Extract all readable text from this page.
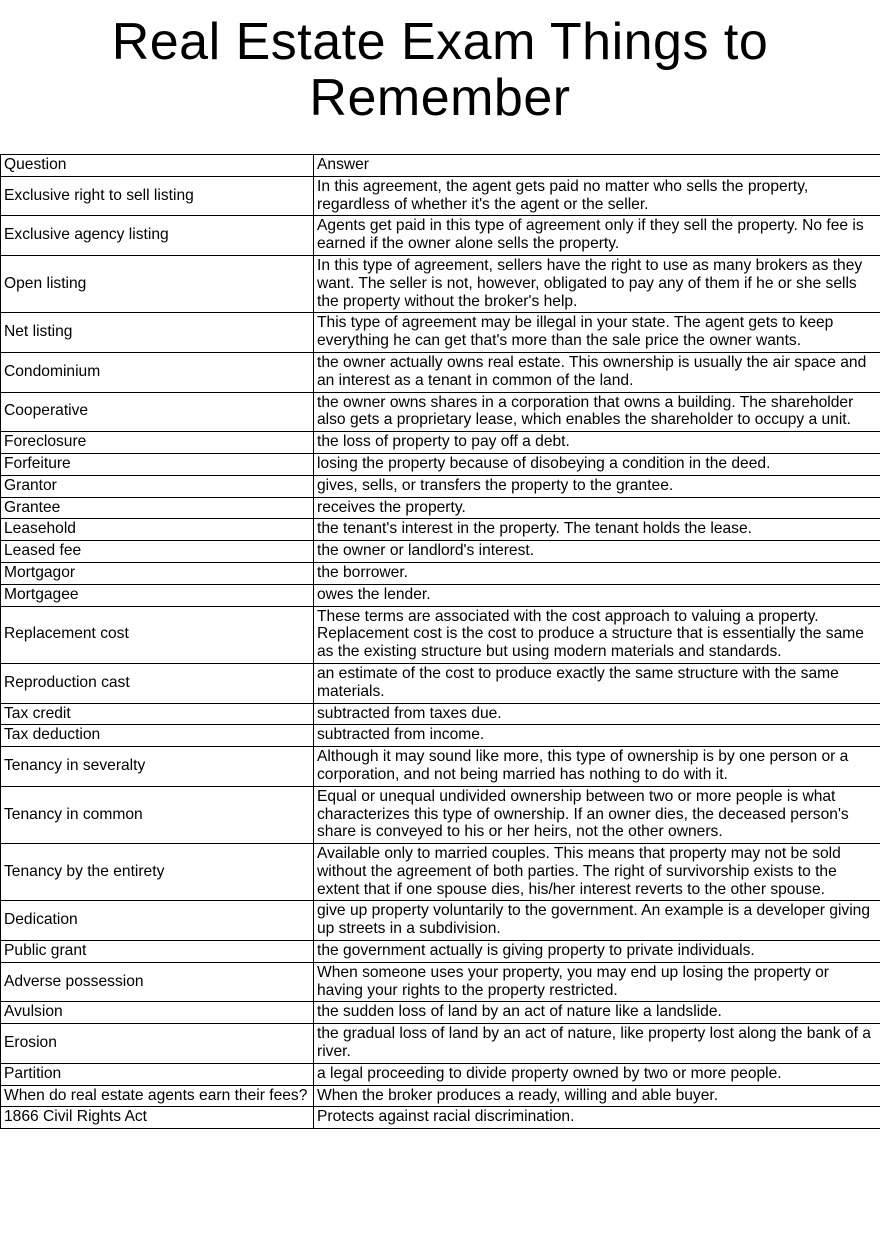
Real Estate Exam Things to Remember
Question	Answer
Exclusive right to sell listing	In this agreement, the agent gets paid no matter who sells the property, regardless of whether it's the agent or the seller.
Exclusive agency listing	Agents get paid in this type of agreement only if they sell the property. No fee is earned if the owner alone sells the property.
Open listing	In this type of agreement, sellers have the right to use as many brokers as they want. The seller is not, however, obligated to pay any of them if he or she sells the property without the broker's help.
Net listing	This type of agreement may be illegal in your state. The agent gets to keep everything he can get that's more than the sale price the owner wants.
Condominium	the owner actually owns real estate. This ownership is usually the air space and an interest as a tenant in common of the land.
Cooperative	the owner owns shares in a corporation that owns a building. The shareholder also gets a proprietary lease, which enables the shareholder to occupy a unit.
Foreclosure	the loss of property to pay off a debt.
Forfeiture	losing the property because of disobeying a condition in the deed.
Grantor	gives, sells, or transfers the property to the grantee.
Grantee	receives the property.
Leasehold	the tenant's interest in the property. The tenant holds the lease.
Leased fee	the owner or landlord's interest.
Mortgagor	the borrower.
Mortgagee	owes the lender.
Replacement cost	These terms are associated with the cost approach to valuing a property. Replacement cost is the cost to produce a structure that is essentially the same as the existing structure but using modern materials and standards.
Reproduction cast	an estimate of the cost to produce exactly the same structure with the same materials.
Tax credit	subtracted from taxes due.
Tax deduction	subtracted from income.
Tenancy in severalty	Although it may sound like more, this type of ownership is by one person or a corporation, and not being married has nothing to do with it.
Tenancy in common	Equal or unequal undivided ownership between two or more people is what characterizes this type of ownership. If an owner dies, the deceased person's share is conveyed to his or her heirs, not the other owners.
Tenancy by the entirety	Available only to married couples. This means that property may not be sold without the agreement of both parties. The right of survivorship exists to the extent that if one spouse dies, his/her interest reverts to the other spouse.
Dedication	give up property voluntarily to the government. An example is a developer giving up streets in a subdivision.
Public grant	the government actually is giving property to private individuals.
Adverse possession	When someone uses your property, you may end up losing the property or having your rights to the property restricted.
Avulsion	the sudden loss of land by an act of nature like a landslide.
Erosion	the gradual loss of land by an act of nature, like property lost along the bank of a river.
Partition	a legal proceeding to divide property owned by two or more people.
When do real estate agents earn their fees?	When the broker produces a ready, willing and able buyer.
1866 Civil Rights Act	Protects against racial discrimination.
